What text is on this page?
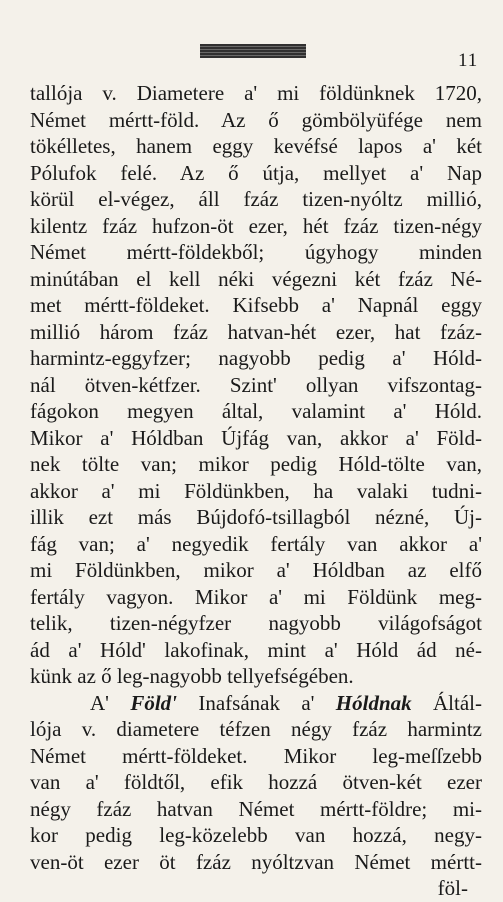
11
tallója v. Diametere a' mi földünknek 1720,
Német mértt-föld. Az ő gömbölyüfége nem
tökélletes, hanem eggy kevéfsé lapos a' két
Pólufok felé. Az ő útja, mellyet a' Nap
körül el-végez, áll fzáz tizen-nyóltz millió,
kilentz fzáz hufzon-öt ezer, hét fzáz tizen-négy
Német mértt-földekből; úgyhogy minden
minútában el kell néki végezni két fzáz Né-
met mértt-földeket. Kifsebb a' Napnál eggy
millió három fzáz hatvan-hét ezer, hat fzáz-
harmintz-eggyfzer; nagyobb pedig a' Hóld-
nál ötven-kétfzer. Szint' ollyan vifszontag-
fágokon megyen által, valamint a' Hóld.
Mikor a' Hóldban Újfág van, akkor a' Föld-
nek tölte van; mikor pedig Hóld-tölte van,
akkor a' mi Földünkben, ha valaki tudni-
illik ezt más Bújdofó-tsillagból nézné, Új-
fág van; a' negyedik fertály van akkor a'
mi Földünkben, mikor a' Hóldban az elfő
fertály vagyon. Mikor a' mi Földünk meg-
telik, tizen-négyfzer nagyobb világofságot
ád a' Hóld' lakofinak, mint a' Hóld ád né-
künk az ő leg-nagyobb tellyefségében.
A' Föld' Inafsának a' Hóldnak Áltál-
lója v. diametere téfzen négy fzáz harmintz
Német mértt-földeket. Mikor leg-meſſzebb
van a' földtől, efik hozzá ötven-két ezer
négy fzáz hatvan Német mértt-földre; mi-
kor pedig leg-közelebb van hozzá, negy-
ven-öt ezer öt fzáz nyóltzvan Német mértt-
föl-
